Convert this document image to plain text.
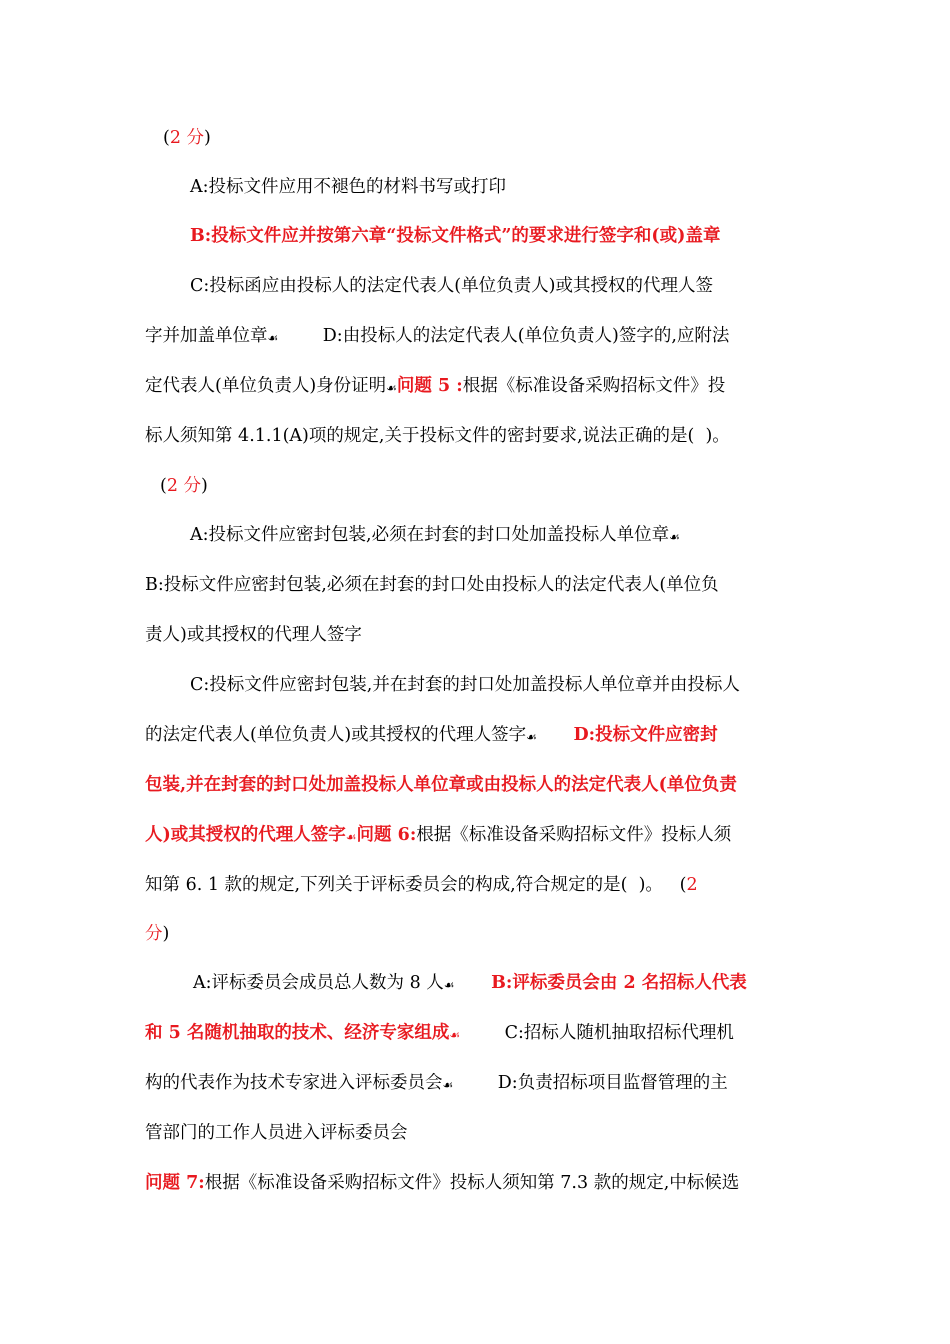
(2 分)
A:投标文件应用不褪色的材料书写或打印
B:投标文件应并按第六章“投标文件格式”的要求进行签字和(或)盖章
C:投标函应由投标人的法定代表人(单位负责人)或其授权的代理人签
字并加盖单位章☙        D:由投标人的法定代表人(单位负责人)签字的,应附法
定代表人(单位负责人)身份证明☙问题 5 :根据《标准设备采购招标文件》投
标人须知第 4.1.1(A)项的规定,关于投标文件的密封要求,说法正确的是(  )。
(2 分)
A:投标文件应密封包装,必须在封套的封口处加盖投标人单位章☙
B:投标文件应密封包装,必须在封套的封口处由投标人的法定代表人(单位负
责人)或其授权的代理人签字
C:投标文件应密封包装,并在封套的封口处加盖投标人单位章并由投标人
的法定代表人(单位负责人)或其授权的代理人签字☙      D:投标文件应密封
包装,并在封套的封口处加盖投标人单位章或由投标人的法定代表人(单位负责
人)或其授权的代理人签字☙问题 6:根据《标准设备采购招标文件》投标人须
知第 6. 1 款的规定,下列关于评标委员会的构成,符合规定的是(  )。   (2
分)
A:评标委员会成员总人数为 8 人☙      B:评标委员会由 2 名招标人代表
和 5 名随机抽取的技术、经济专家组成☙        C:招标人随机抽取招标代理机
构的代表作为技术专家进入评标委员会☙        D:负责招标项目监督管理的主
管部门的工作人员进入评标委员会
问题 7:根据《标准设备采购招标文件》投标人须知第 7.3 款的规定,中标候选
